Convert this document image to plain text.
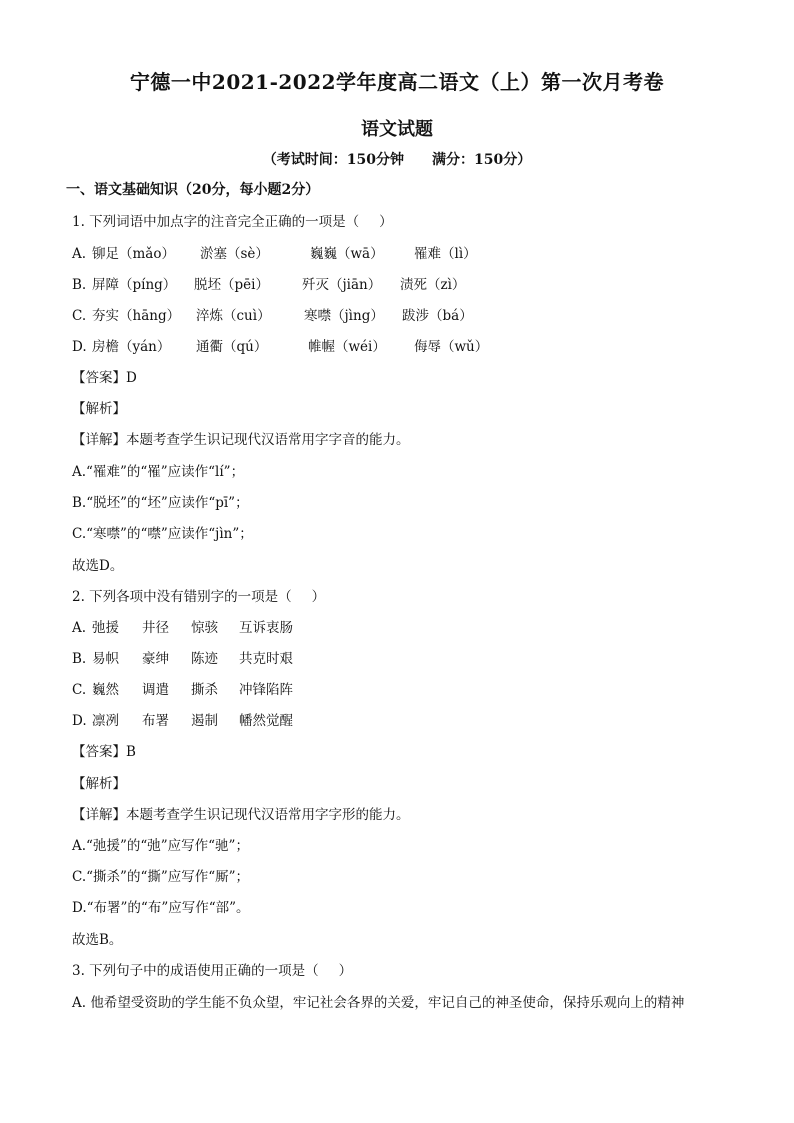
宁德一中2021-2022学年度高二语文（上）第一次月考卷
语文试题
（考试时间：150分钟 满分：150分）
一、语文基础知识（20分，每小题2分）
1. 下列词语中加点字的注音完全正确的一项是（ ）
A. 铆足（mǎo） 淤塞（sè）	巍巍（wā） 罹难（lì）
B. 屏障（píng） 脱坯（pēi） 歼灭（jiān） 渍死（zì）
C. 夯实（hāng） 淬炼（cuì） 寒噤（jìng） 跋涉（bá）
D. 房檐（yán） 通衢（qú）	帷幄（wéi） 侮辱（wǔ）
【答案】D
【解析】
【详解】本题考查学生识记现代汉语常用字字音的能力。
A.“罹难”的“罹”应读作“lí”；
B.“脱坯”的“坯”应读作“pī”；
C.“寒噤”的“噤”应读作“jìn”；
故选D。
2. 下列各项中没有错别字的一项是（ ）
A. 弛援 井径 惊骇 互诉衷肠
B. 易帜 豪绅 陈迹 共克时艰
C. 巍然 调遣 撕杀 冲锋陷阵
D. 凛冽 布署 遏制 幡然觉醒
【答案】B
【解析】
【详解】本题考查学生识记现代汉语常用字字形的能力。
A.“弛援”的“弛”应写作“驰”；
C.“撕杀”的“撕”应写作“厮”；
D.“布署”的“布”应写作“部”。
故选B。
3. 下列句子中的成语使用正确的一项是（ ）
A. 他希望受资助的学生能不负众望，牢记社会各界的关爱，牢记自己的神圣使命，保持乐观向上的精神
